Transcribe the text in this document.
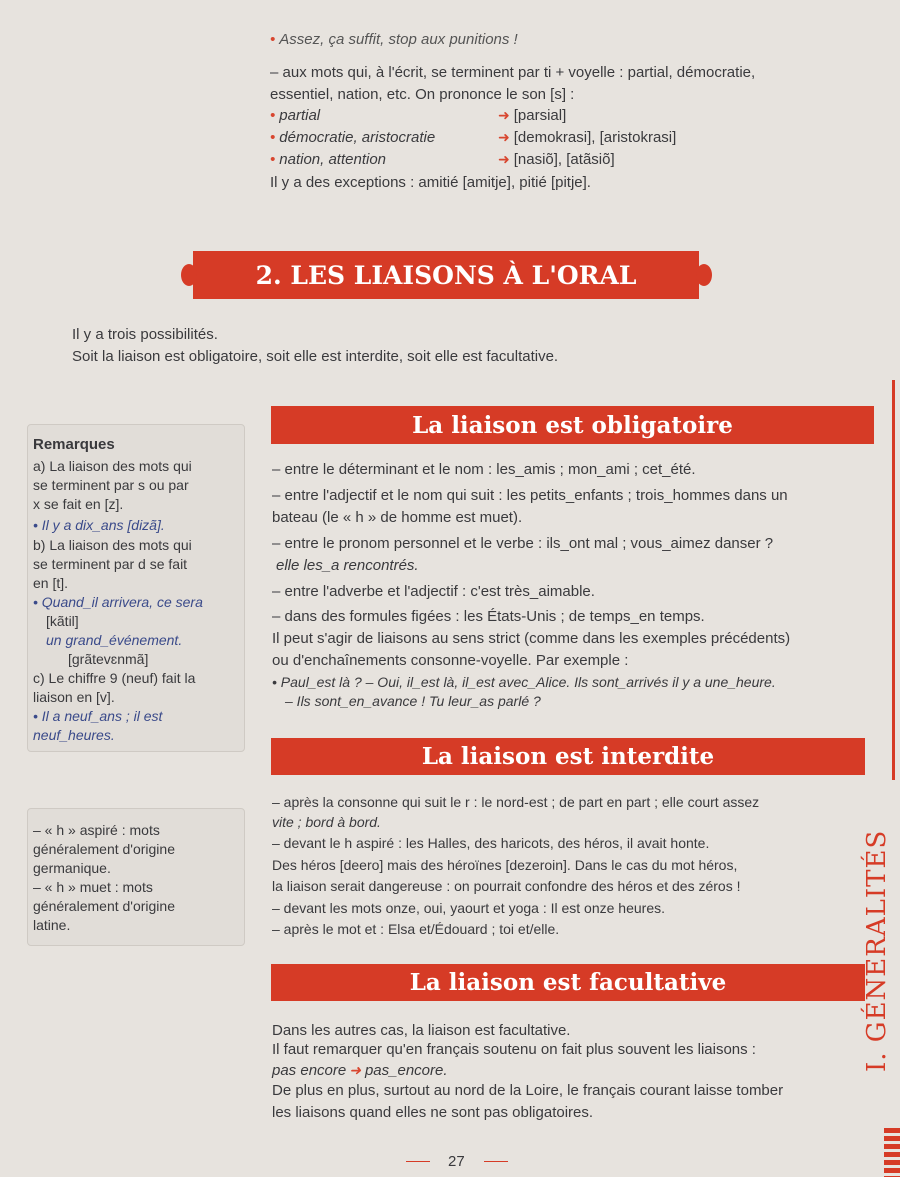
• Assez, ça suffit, stop aux punitions !
– aux mots qui, à l'écrit, se terminent par ti + voyelle : partial, démocratie,
essentiel, nation, etc. On prononce le son [s] :
• partial	➜ [parsial]
• démocratie, aristocratie	➜ [demokrasi], [aristokrasi]
• nation, attention	➜ [nasiõ], [atãsiõ]
Il y a des exceptions : amitié [amitje], pitié [pitje].
2. LES LIAISONS À L'ORAL
Il y a trois possibilités.
Soit la liaison est obligatoire, soit elle est interdite, soit elle est facultative.
Remarques
a) La liaison des mots qui
se terminent par s ou par
x se fait en [z].
• Il y a dix_ans [dizã].
b) La liaison des mots qui
se terminent par d se fait
en [t].
• Quand_il arrivera, ce sera
[kãtil]
un grand_événement.
[grãtevɛnmã]
c) Le chiffre 9 (neuf) fait la
liaison en [v].
• Il a neuf_ans ; il est
neuf_heures.
– « h » aspiré : mots
généralement d'origine
germanique.
– « h » muet : mots
généralement d'origine
latine.
La liaison est obligatoire
– entre le déterminant et le nom : les_amis ; mon_ami ; cet_été.
– entre l'adjectif et le nom qui suit : les petits_enfants ; trois_hommes dans un
bateau (le « h » de homme est muet).
– entre le pronom personnel et le verbe : ils_ont mal ; vous_aimez danser ?
elle les_a rencontrés.
– entre l'adverbe et l'adjectif : c'est très_aimable.
– dans des formules figées : les États-Unis ; de temps_en temps.
Il peut s'agir de liaisons au sens strict (comme dans les exemples précédents)
ou d'enchaînements consonne-voyelle. Par exemple :
• Paul_est là ? – Oui, il_est là, il_est avec_Alice. Ils sont_arrivés il y a une_heure.
– Ils sont_en_avance ! Tu leur_as parlé ?
La liaison est interdite
– après la consonne qui suit le r : le nord-est ; de part en part ; elle court assez
vite ; bord à bord.
– devant le h aspiré : les Halles, des haricots, des héros, il avait honte.
Des héros [deero] mais des héroïnes [dezeroin]. Dans le cas du mot héros,
la liaison serait dangereuse : on pourrait confondre des héros et des zéros !
– devant les mots onze, oui, yaourt et yoga : Il est onze heures.
– après le mot et : Elsa et/Édouard ; toi et/elle.
La liaison est facultative
Dans les autres cas, la liaison est facultative.
Il faut remarquer qu'en français soutenu on fait plus souvent les liaisons :
pas encore ➜ pas_encore.
De plus en plus, surtout au nord de la Loire, le français courant laisse tomber
les liaisons quand elles ne sont pas obligatoires.
I. GÉNÉRALITÉS
27
